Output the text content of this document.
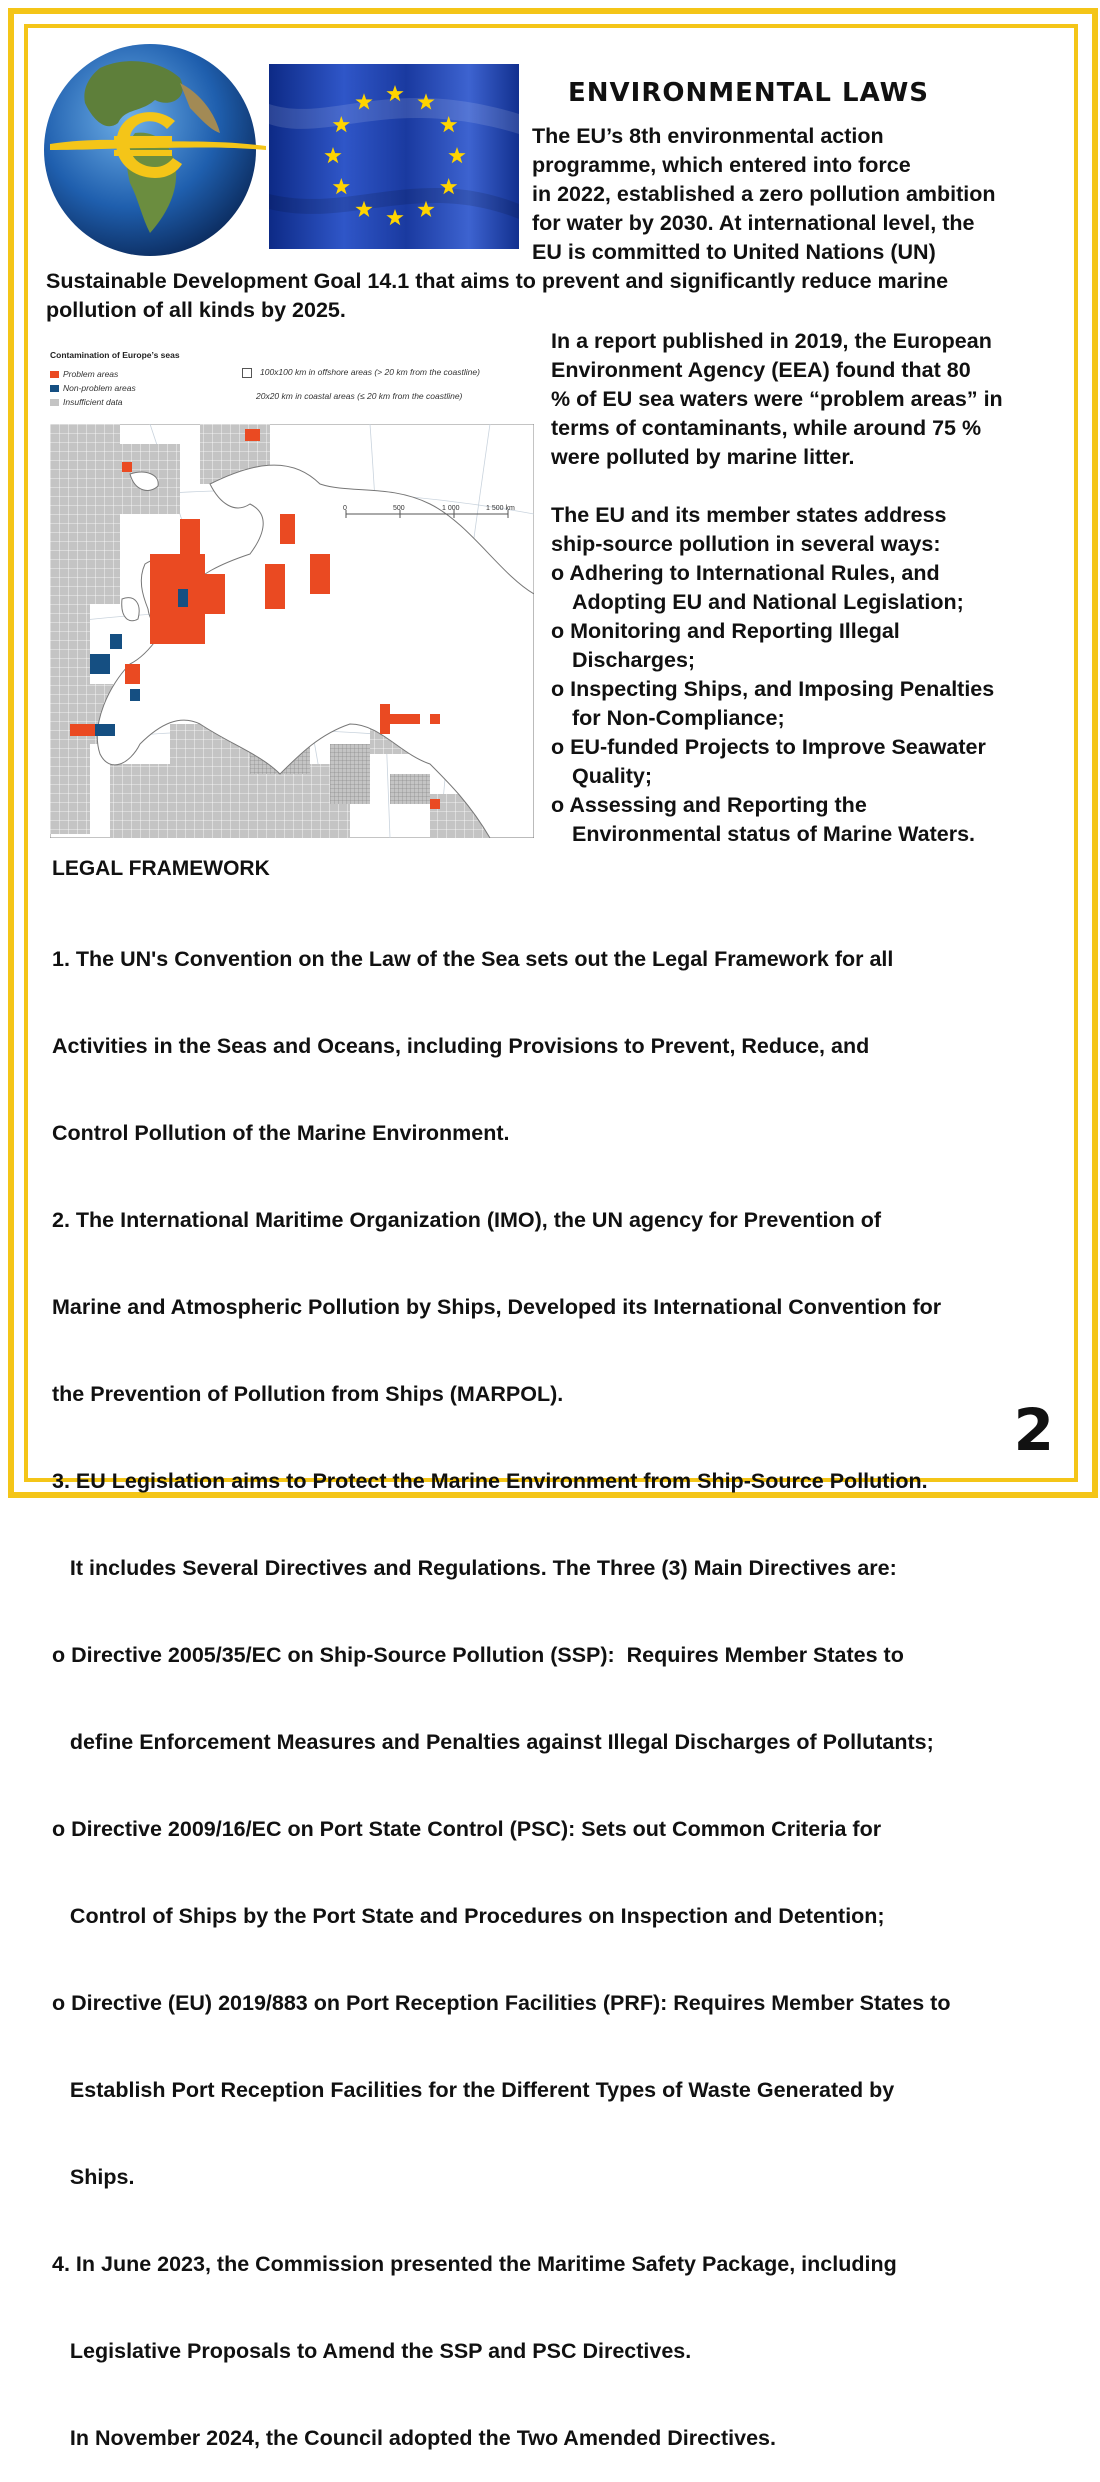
ENVIRONMENTAL LAWS
The EU’s 8th environmental action
programme, which entered into force
in 2022, established a zero pollution ambition
for water by 2030. At international level, the
EU is committed to United Nations (UN)
Sustainable Development Goal 14.1 that aims to prevent and significantly reduce marine
pollution of all kinds by 2025.
Contamination of Europe’s seas
Problem areas
Non-problem areas
Insufficient data
100x100 km in offshore areas (> 20 km from the coastline)
20x20 km in coastal areas (≤ 20 km from the coastline)
0	500	1 000	1 500 km
In a report published in 2019, the European
Environment Agency (EEA) found that 80
% of EU sea waters were “problem areas” in
terms of contaminants, while around 75 %
were polluted by marine litter.
The EU and its member states address
ship-source pollution in several ways:
o Adhering to International Rules, and
Adopting EU and National Legislation;
o Monitoring and Reporting Illegal
Discharges;
o Inspecting Ships, and Imposing Penalties
for Non-Compliance;
o EU-funded Projects to Improve Seawater
Quality;
o Assessing and Reporting the
Environmental status of Marine Waters.
LEGAL FRAMEWORK

1. The UN's Convention on the Law of the Sea sets out the Legal Framework for all

Activities in the Seas and Oceans, including Provisions to Prevent, Reduce, and

Control Pollution of the Marine Environment.

2. The International Maritime Organization (IMO), the UN agency for Prevention of

Marine and Atmospheric Pollution by Ships, Developed its International Convention for

the Prevention of Pollution from Ships (MARPOL).

3. EU Legislation aims to Protect the Marine Environment from Ship-Source Pollution.

It includes Several Directives and Regulations. The Three (3) Main Directives are:

o Directive 2005/35/EC on Ship-Source Pollution (SSP):  Requires Member States to

define Enforcement Measures and Penalties against Illegal Discharges of Pollutants;

o Directive 2009/16/EC on Port State Control (PSC): Sets out Common Criteria for

Control of Ships by the Port State and Procedures on Inspection and Detention;

o Directive (EU) 2019/883 on Port Reception Facilities (PRF): Requires Member States to

Establish Port Reception Facilities for the Different Types of Waste Generated by

Ships.

4. In June 2023, the Commission presented the Maritime Safety Package, including

Legislative Proposals to Amend the SSP and PSC Directives.

In November 2024, the Council adopted the Two Amended Directives.

2
